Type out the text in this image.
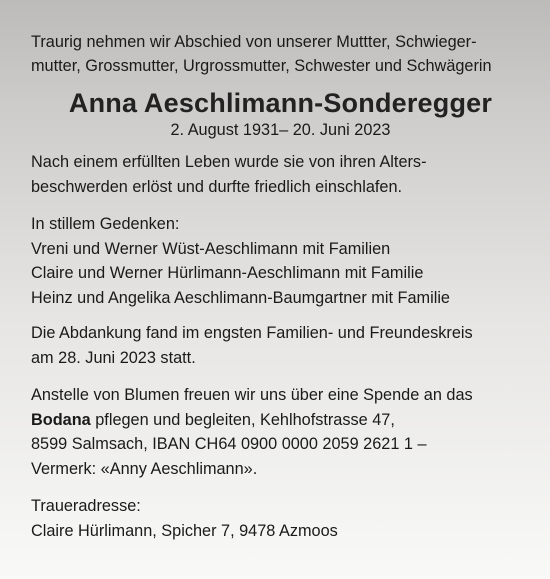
Traurig nehmen wir Abschied von unserer Muttter, Schwieger-
mutter, Grossmutter, Urgrossmutter, Schwester und Schwägerin

Anna Aeschlimann-Sonderegger

2. August 1931– 20. Juni 2023

Nach einem erfüllten Leben wurde sie von ihren Alters-
beschwerden erlöst und durfte friedlich einschlafen.

In stillem Gedenken:
Vreni und Werner Wüst-Aeschlimann mit Familien
Claire und Werner Hürlimann-Aeschlimann mit Familie
Heinz und Angelika Aeschlimann-Baumgartner mit Familie

Die Abdankung fand im engsten Familien- und Freundeskreis
am 28. Juni 2023 statt.

Anstelle von Blumen freuen wir uns über eine Spende an das
Bodana pflegen und begleiten, Kehlhofstrasse 47,
8599 Salmsach, IBAN CH64 0900 0000 2059 2621 1 –
Vermerk: «Anny Aeschlimann».

Traueradresse:
Claire Hürlimann, Spicher 7, 9478 Azmoos
